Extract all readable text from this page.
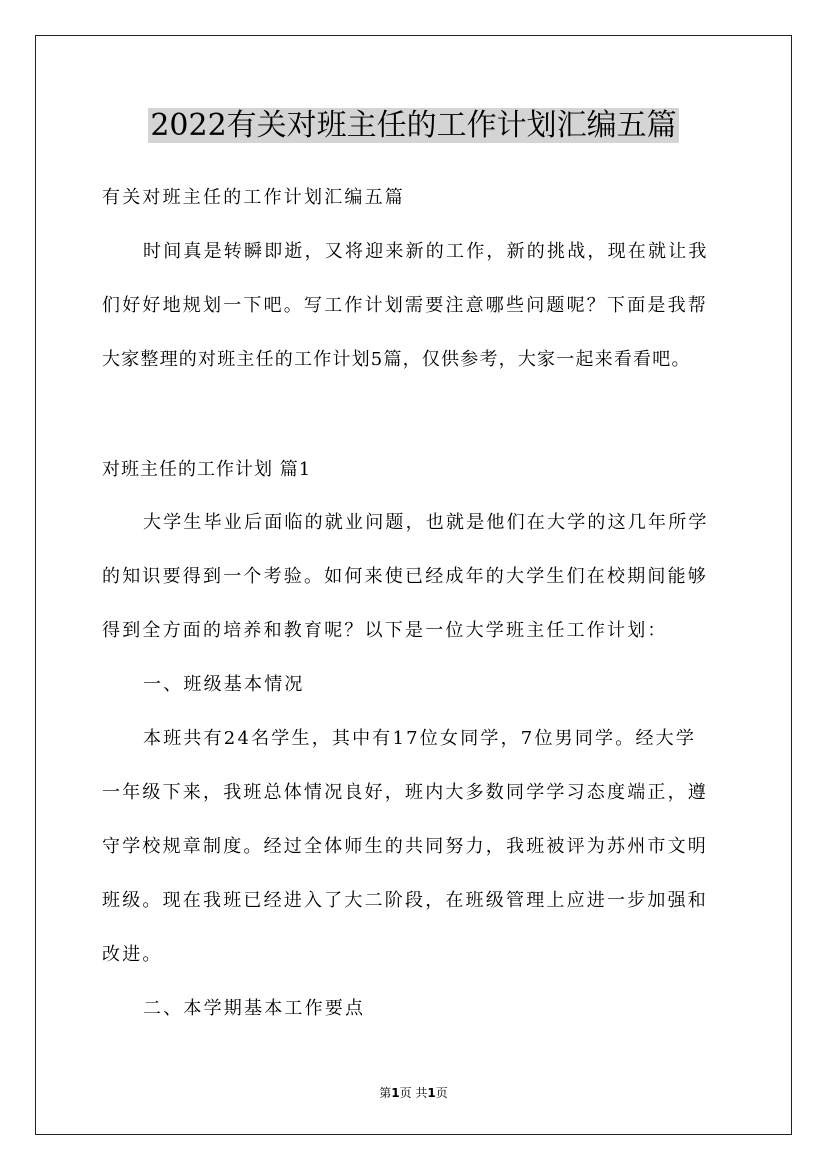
2022有关对班主任的工作计划汇编五篇
有关对班主任的工作计划汇编五篇
时间真是转瞬即逝，又将迎来新的工作，新的挑战，现在就让我
们好好地规划一下吧。写工作计划需要注意哪些问题呢？下面是我帮
大家整理的对班主任的工作计划5篇，仅供参考，大家一起来看看吧。
对班主任的工作计划 篇1
大学生毕业后面临的就业问题，也就是他们在大学的这几年所学
的知识要得到一个考验。如何来使已经成年的大学生们在校期间能够
得到全方面的培养和教育呢？以下是一位大学班主任工作计划：
一、班级基本情况
本班共有24名学生，其中有17位女同学，7位男同学。经大学
一年级下来，我班总体情况良好，班内大多数同学学习态度端正，遵
守学校规章制度。经过全体师生的共同努力，我班被评为苏州市文明
班级。现在我班已经进入了大二阶段，在班级管理上应进一步加强和
改进。
二、本学期基本工作要点
第1页 共1页
